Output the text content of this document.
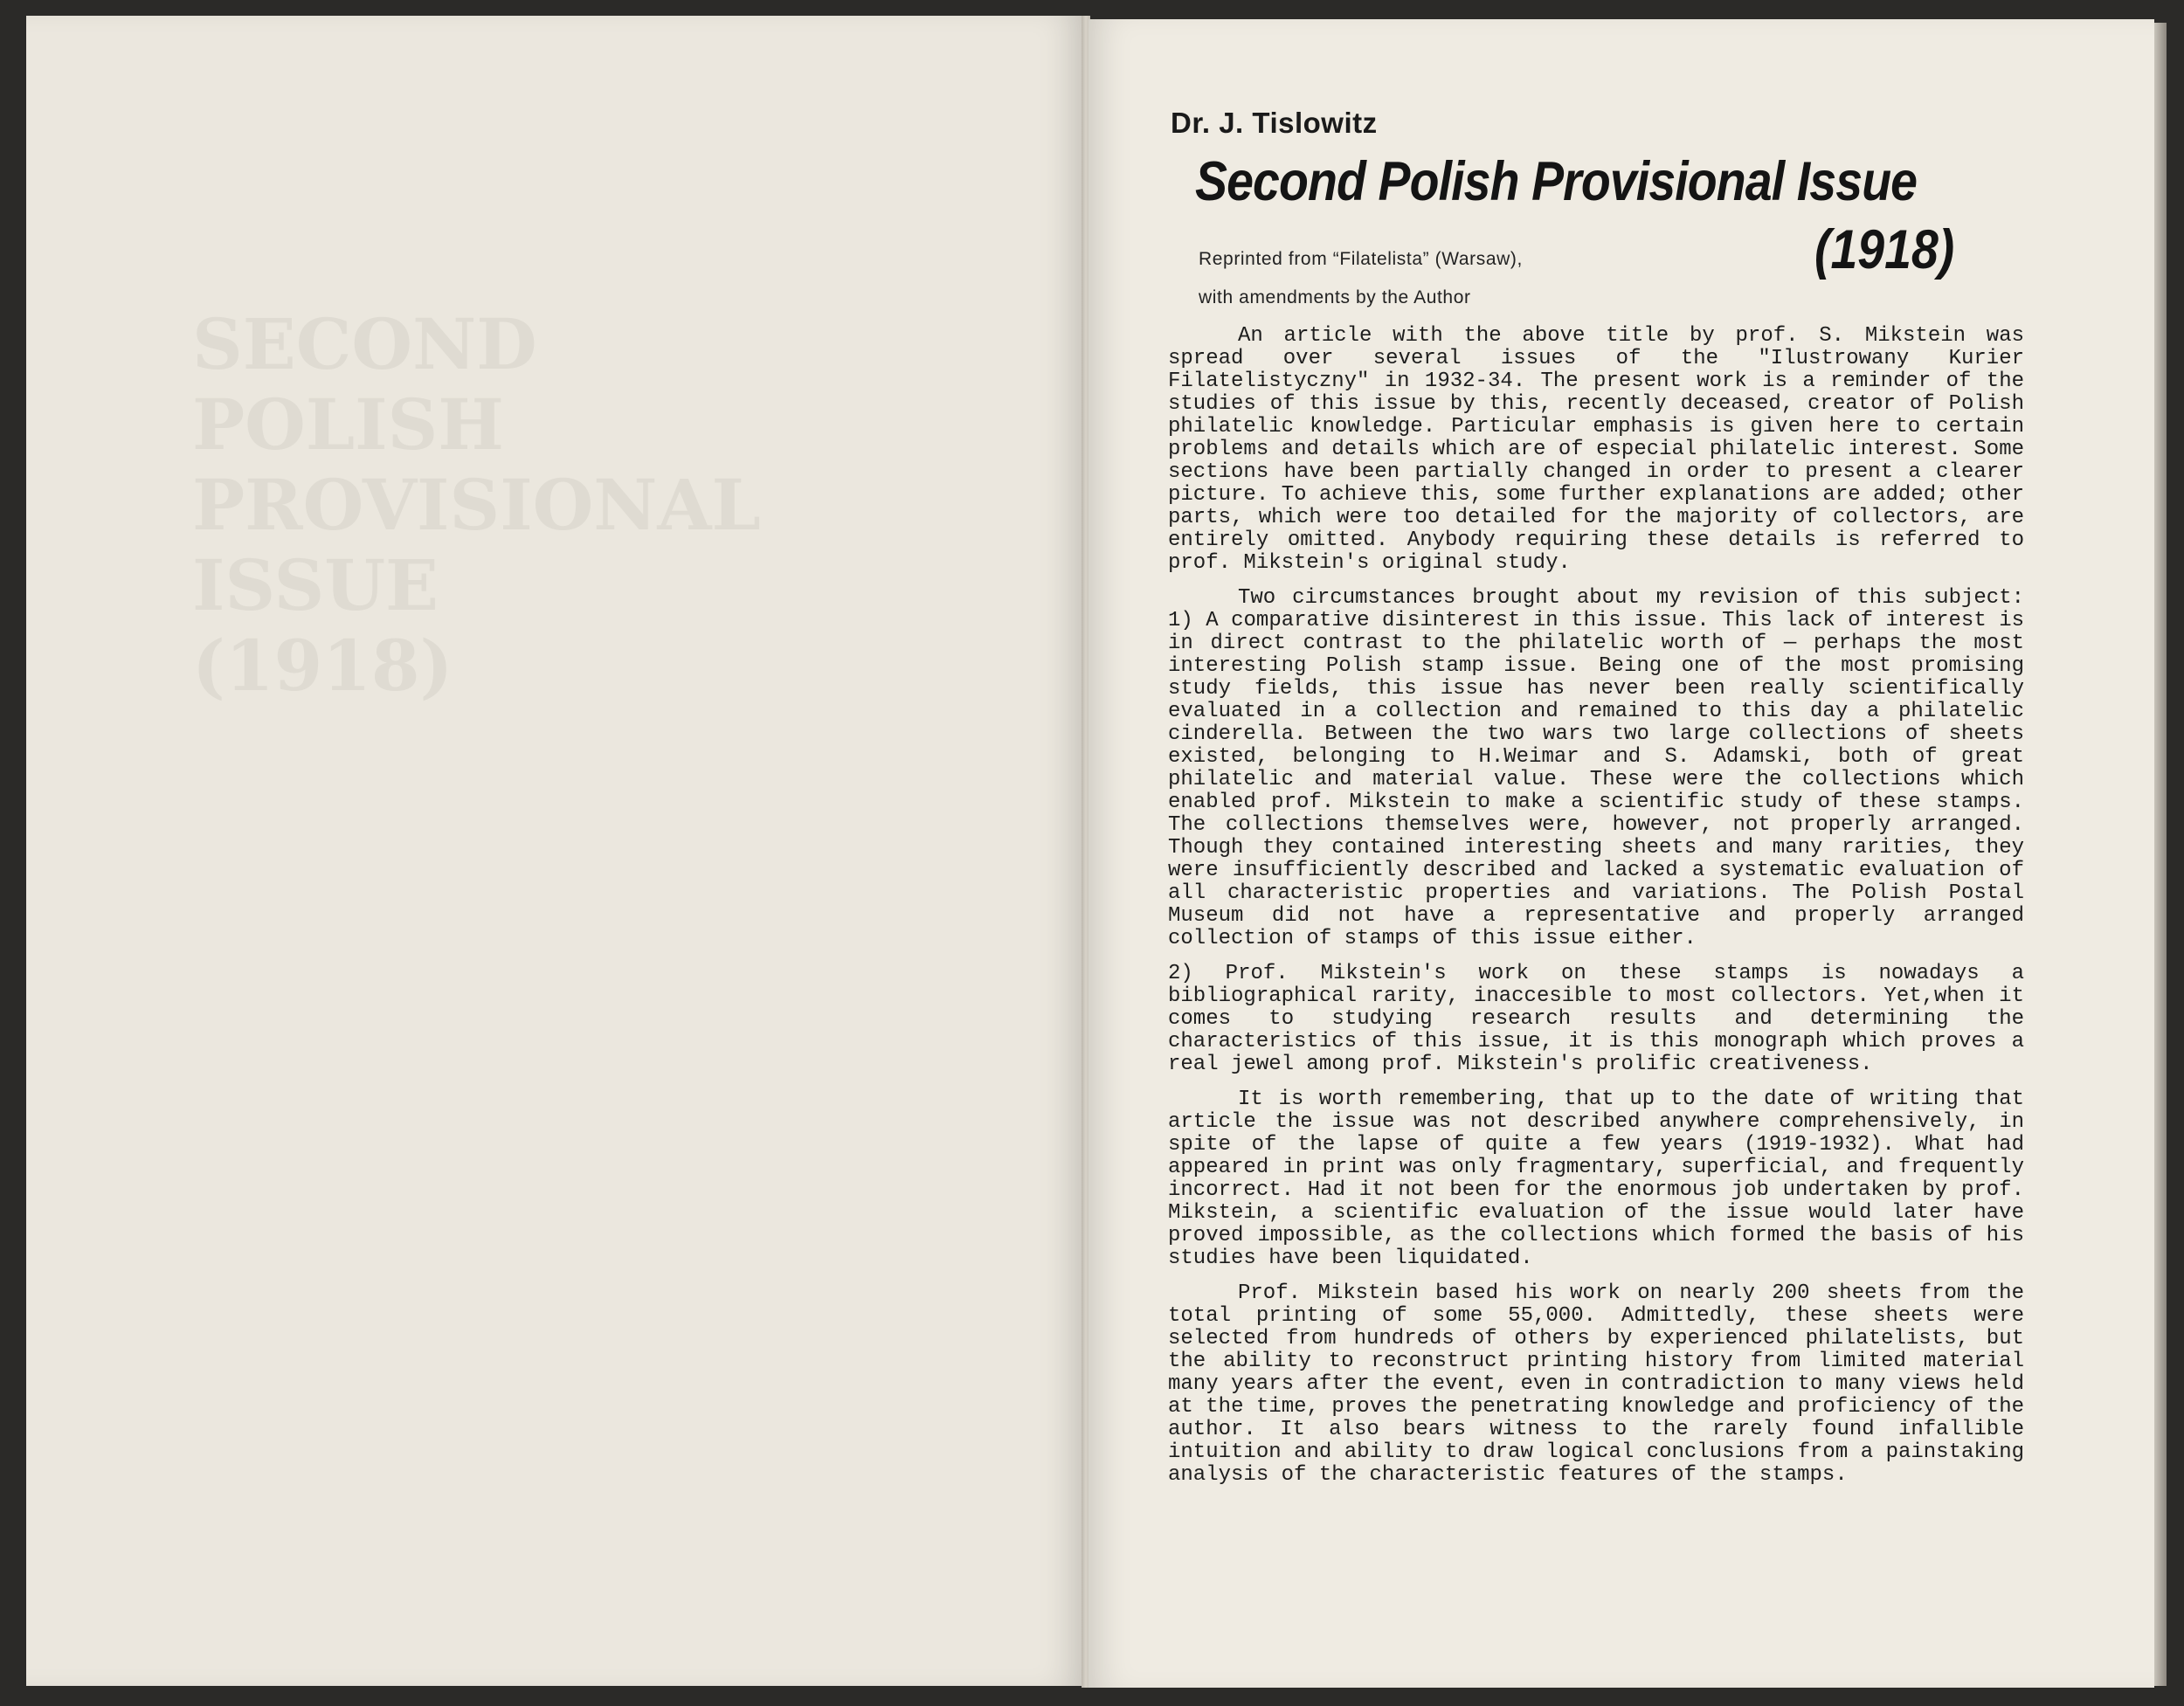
SECOND
POLISH
PROVISIONAL
ISSUE
(1918)
Dr. J. Tislowitz
Second Polish Provisional Issue
(1918)
Reprinted from “Filatelista” (Warsaw),
with amendments by the Author

An article with the above title by prof. S. Mikstein was spread over several issues of the "Ilustrowany Kurier Filatelistyczny" in 1932-34. The present work is a reminder of the studies of this issue by this, recently deceased, creator of Polish philatelic knowledge. Particular emphasis is given here to certain problems and details which are of especial philatelic interest. Some sections have been partially changed in order to present a clearer picture. To achieve this, some further explanations are added; other parts, which were too detailed for the majority of collectors, are entirely omitted. Anybody requiring these details is referred to prof. Mikstein's original study.

Two circumstances brought about my revision of this subject: 1) A comparative disinterest in this issue. This lack of interest is in direct contrast to the philatelic worth of — perhaps the most interesting Polish stamp issue. Being one of the most promising study fields, this issue has never been really scientifically evaluated in a collection and remained to this day a philatelic cinderella. Between the two wars two large collections of sheets existed, belonging to H.Weimar and S. Adamski, both of great philatelic and material value. These were the collections which enabled prof. Mikstein to make a scientific study of these stamps. The collections themselves were, however, not properly arranged. Though they contained interesting sheets and many rarities, they were insufficiently described and lacked a systematic evaluation of all characteristic properties and variations. The Polish Postal Museum did not have a representative and properly arranged collection of stamps of this issue either.

2) Prof. Mikstein's work on these stamps is nowadays a bibliographical rarity, inaccesible to most collectors. Yet,when it comes to studying research results and determining the characteristics of this issue, it is this monograph which proves a real jewel among prof. Mikstein's prolific creativeness.

It is worth remembering, that up to the date of writing that article the issue was not described anywhere comprehensively, in spite of the lapse of quite a few years (1919-1932). What had appeared in print was only fragmentary, superficial, and frequently incorrect. Had it not been for the enormous job undertaken by prof. Mikstein, a scientific evaluation of the issue would later have proved impossible, as the collections which formed the basis of his studies have been liquidated.

Prof. Mikstein based his work on nearly 200 sheets from the total printing of some 55,000. Admittedly, these sheets were selected from hundreds of others by experienced philatelists, but the ability to reconstruct printing history from limited material many years after the event, even in contradiction to many views held at the time, proves the penetrating knowledge and proficiency of the author. It also bears witness to the rarely found infallible intuition and ability to draw logical conclusions from a painstaking analysis of the characteristic features of the stamps.
